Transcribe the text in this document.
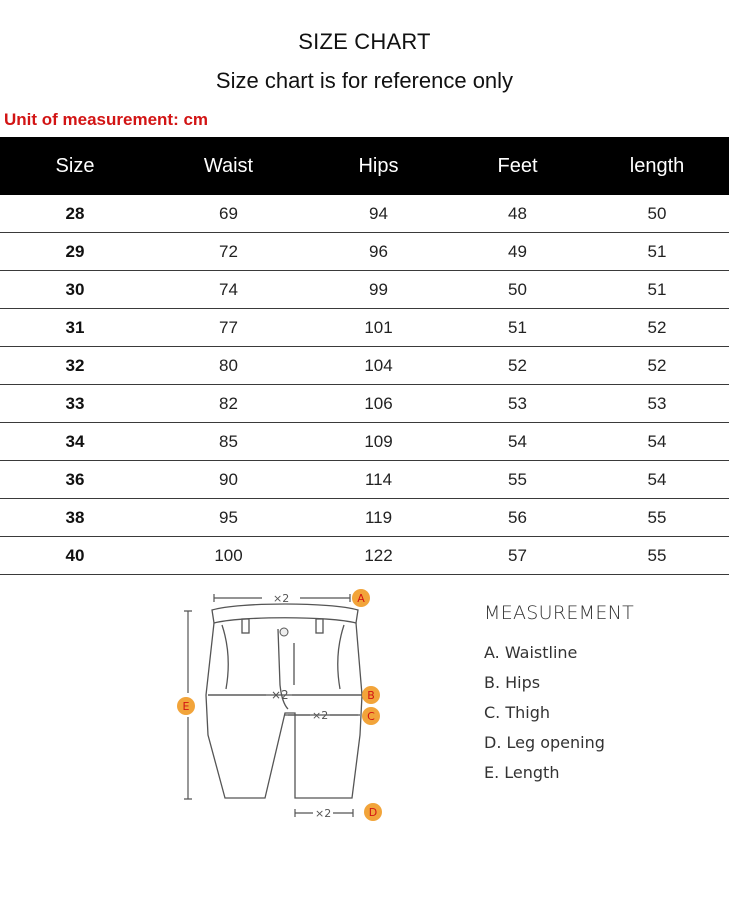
SIZE CHART
Size chart is for reference only
Unit of measurement: cm
Size	Waist	Hips	Feet	length
28	69	94	48	50
29	72	96	49	51
30	74	99	50	51
31	77	101	51	52
32	80	104	52	52
33	82	106	53	53
34	85	109	54	54
36	90	114	55	54
38	95	119	56	55
40	100	122	57	55
×2
×2
×2
×2
A
B
C
D
E
MEASUREMENT
A. Waistline
B. Hips
C. Thigh
D. Leg opening
E. Length
